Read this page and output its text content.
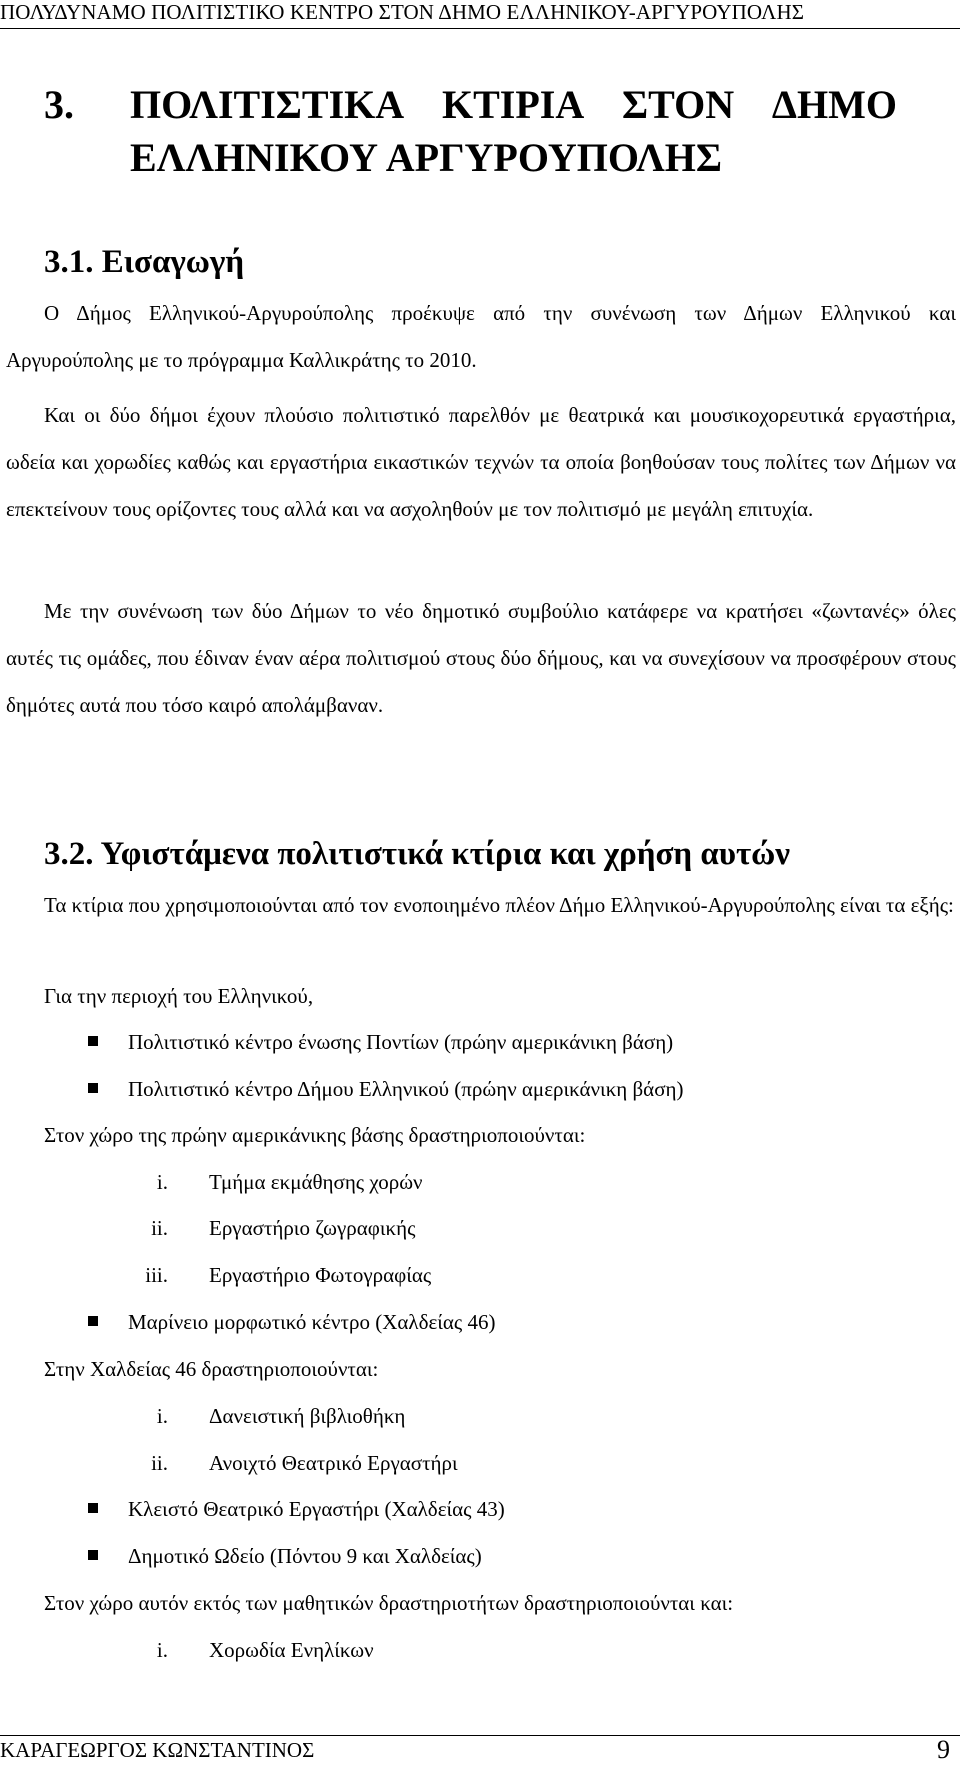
ΠΟΛΥΔΥΝΑΜΟ ΠΟΛΙΤΙΣΤΙΚΟ ΚΕΝΤΡΟ ΣΤΟΝ ΔΗΜΟ ΕΛΛΗΝΙΚΟΥ-ΑΡΓΥΡΟΥΠΟΛΗΣ
3. ΠΟΛΙΤΙΣΤΙΚΑ    ΚΤΙΡΙΑ    ΣΤΟΝ    ΔΗΜΟ
ΕΛΛΗΝΙΚΟΥ ΑΡΓΥΡΟΥΠΟΛΗΣ
3.1. Εισαγωγή
Ο Δήμος Ελληνικού-Αργυρούπολης προέκυψε από την συνένωση των Δήμων Ελληνικού και Αργυρούπολης με το πρόγραμμα Καλλικράτης το 2010.
Και οι δύο δήμοι έχουν πλούσιο πολιτιστικό παρελθόν με θεατρικά και μουσικοχορευτικά εργαστήρια, ωδεία και χορωδίες καθώς και εργαστήρια εικαστικών τεχνών τα οποία βοηθούσαν τους πολίτες των Δήμων να επεκτείνουν τους ορίζοντες τους αλλά και να ασχοληθούν με τον πολιτισμό με μεγάλη επιτυχία.
Με την συνένωση των δύο Δήμων το νέο δημοτικό συμβούλιο κατάφερε να κρατήσει «ζωντανές» όλες αυτές τις ομάδες, που έδιναν έναν αέρα πολιτισμού στους δύο δήμους, και να συνεχίσουν να προσφέρουν στους δημότες αυτά που τόσο καιρό απολάμβαναν.
3.2. Υφιστάμενα πολιτιστικά κτίρια και χρήση αυτών
Τα κτίρια που χρησιμοποιούνται από τον ενοποιημένο πλέον Δήμο Ελληνικού-Αργυρούπολης είναι τα εξής:
Για την περιοχή του Ελληνικού,
Πολιτιστικό κέντρο ένωσης Ποντίων (πρώην αμερικάνικη βάση)
Πολιτιστικό κέντρο Δήμου Ελληνικού (πρώην αμερικάνικη βάση)
Στον χώρο της πρώην αμερικάνικης βάσης δραστηριοποιούνται:
i. Τμήμα εκμάθησης χορών
ii. Εργαστήριο ζωγραφικής
iii. Εργαστήριο Φωτογραφίας
Μαρίνειο μορφωτικό κέντρο (Χαλδείας 46)
Στην Χαλδείας 46 δραστηριοποιούνται:
i. Δανειστική βιβλιοθήκη
ii. Ανοιχτό Θεατρικό Εργαστήρι
Κλειστό Θεατρικό Εργαστήρι (Χαλδείας 43)
Δημοτικό Ωδείο (Πόντου 9 και Χαλδείας)
Στον χώρο αυτόν εκτός των μαθητικών δραστηριοτήτων δραστηριοποιούνται και:
i. Χορωδία Ενηλίκων
ΚΑΡΑΓΕΩΡΓΟΣ ΚΩΝΣΤΑΝΤΙΝΟΣ	9
